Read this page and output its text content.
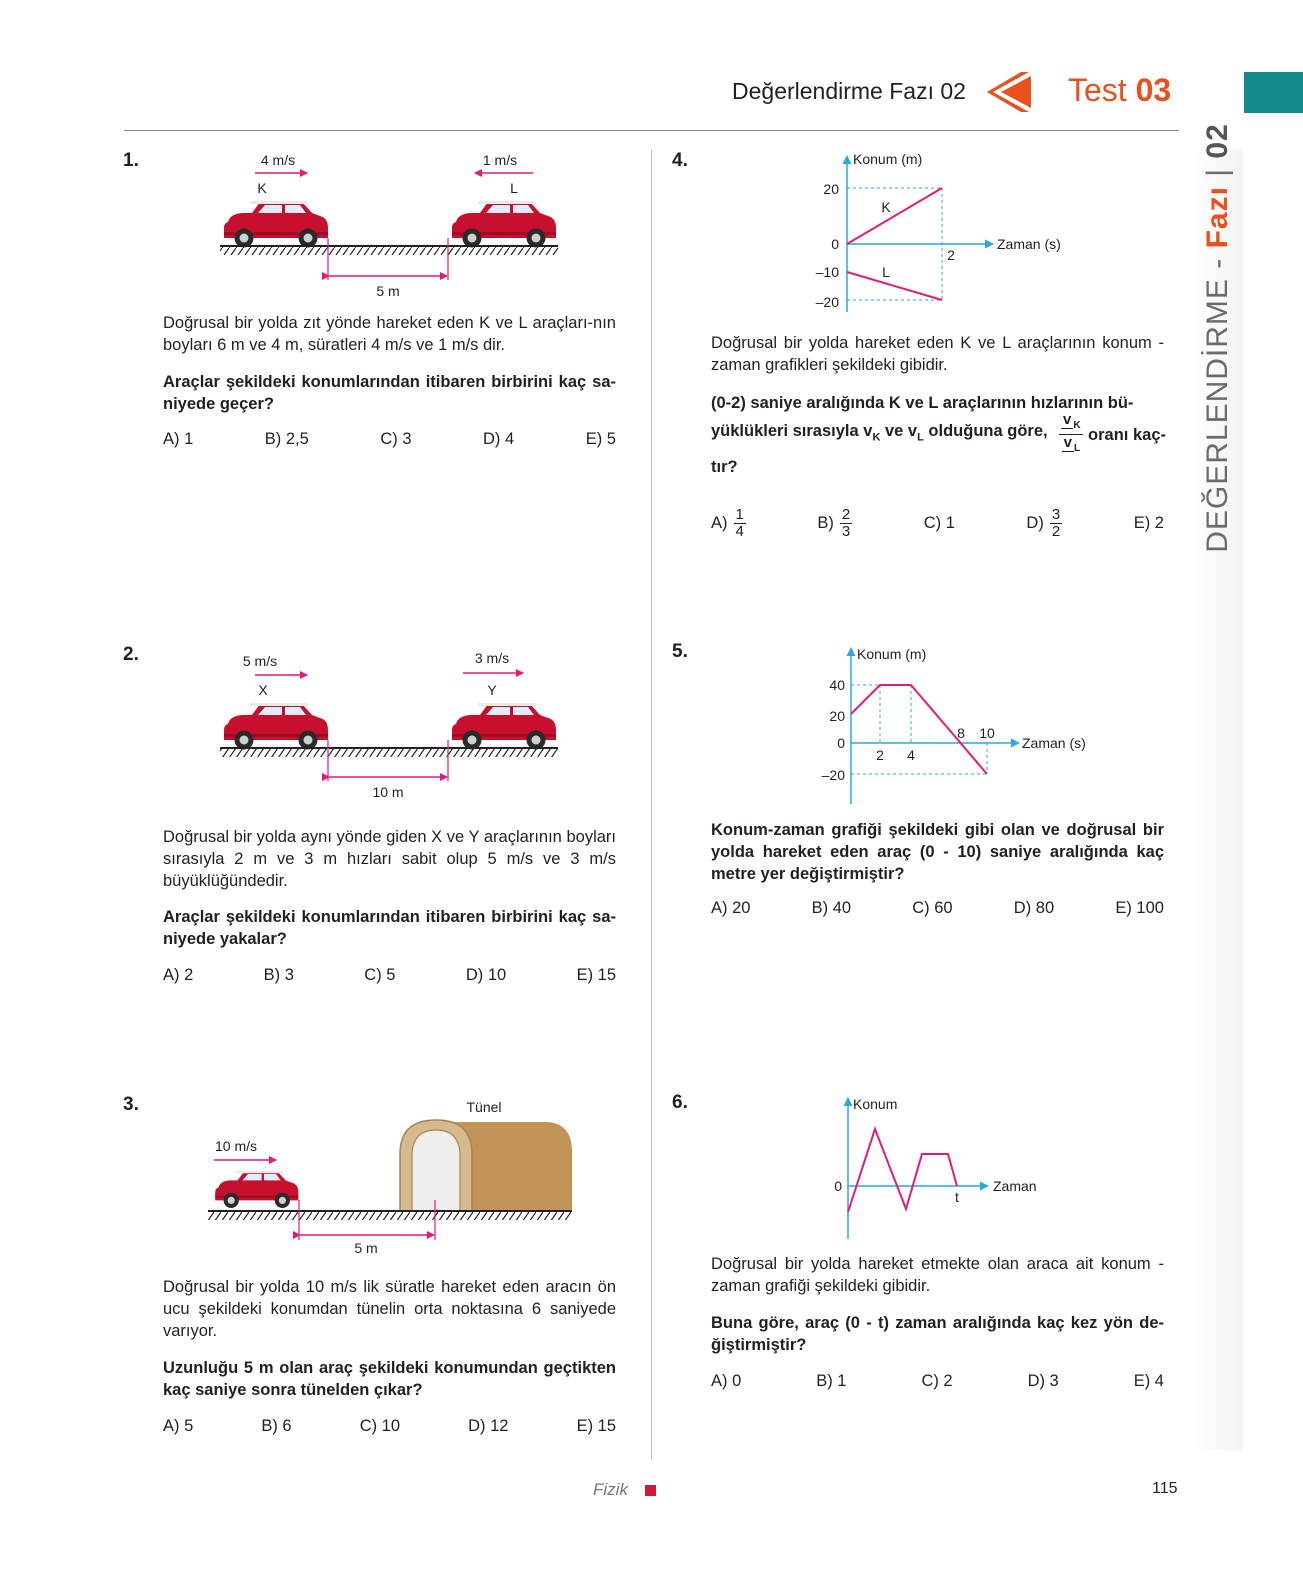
Değerlendirme Fazı 02	Test 03
DEĞERLENDİRME - Fazı | 02
1.	4 m/s
K
1 m/s
L
5 m
Doğrusal bir yolda zıt yönde hareket eden K ve L araçları-nın boyları 6 m ve 4 m, süratleri 4 m/s ve 1 m/s dir.
Araçlar şekildeki konumlarından itibaren birbirini kaç sa-niyede geçer?
A) 1	B) 2,5	C) 3	D) 4	E) 5
2.	5 m/s
X
3 m/s
Y
10 m
Doğrusal bir yolda aynı yönde giden X ve Y araçlarının boyları sırasıyla 2 m ve 3 m hızları sabit olup 5 m/s ve 3 m/s büyüklüğündedir.
Araçlar şekildeki konumlarından itibaren birbirini kaç sa-niyede yakalar?
A) 2	B) 3	C) 5	D) 10	E) 15
3.	Tünel
10 m/s
5 m
Doğrusal bir yolda 10 m/s lik süratle hareket eden aracın ön ucu şekildeki konumdan tünelin orta noktasına 6 saniyede varıyor.
Uzunluğu 5 m olan araç şekildeki konumundan geçtikten kaç saniye sonra tünelden çıkar?
A) 5	B) 6	C) 10	D) 12	E) 15
4.	Konum (m)
Zaman (s)
20
0
–10
–20
2
K
L
Doğrusal bir yolda hareket eden K ve L araçlarının konum - zaman grafikleri şekildeki gibidir.
(0-2) saniye aralığında K ve L araçlarının hızlarının bü-
yüklükleri sırasıyla $v_K$ ve $v_L$ olduğuna göre, $\frac{v _K}{v _L}$ oranı kaç-
tır?
$A) \frac{1}{4}$	$B) \frac{2}{3}$	C) 1	$D) \frac{3}{2}$	E) 2
5.	Konum (m)
Zaman (s)
40
20
0
–20
2 4
8 10
Konum-zaman grafiği şekildeki gibi olan ve doğrusal bir yolda hareket eden araç (0 - 10) saniye aralığında kaç metre yer değiştirmiştir?
A) 20	B) 40	C) 60	D) 80	E) 100
6.	Konum
Zaman
0
t
Doğrusal bir yolda hareket etmekte olan araca ait konum - zaman grafiği şekildeki gibidir.
Buna göre, araç (0 - t) zaman aralığında kaç kez yön de-ğiştirmiştir?
A) 0	B) 1	C) 2	D) 3	E) 4
Fizik	115
